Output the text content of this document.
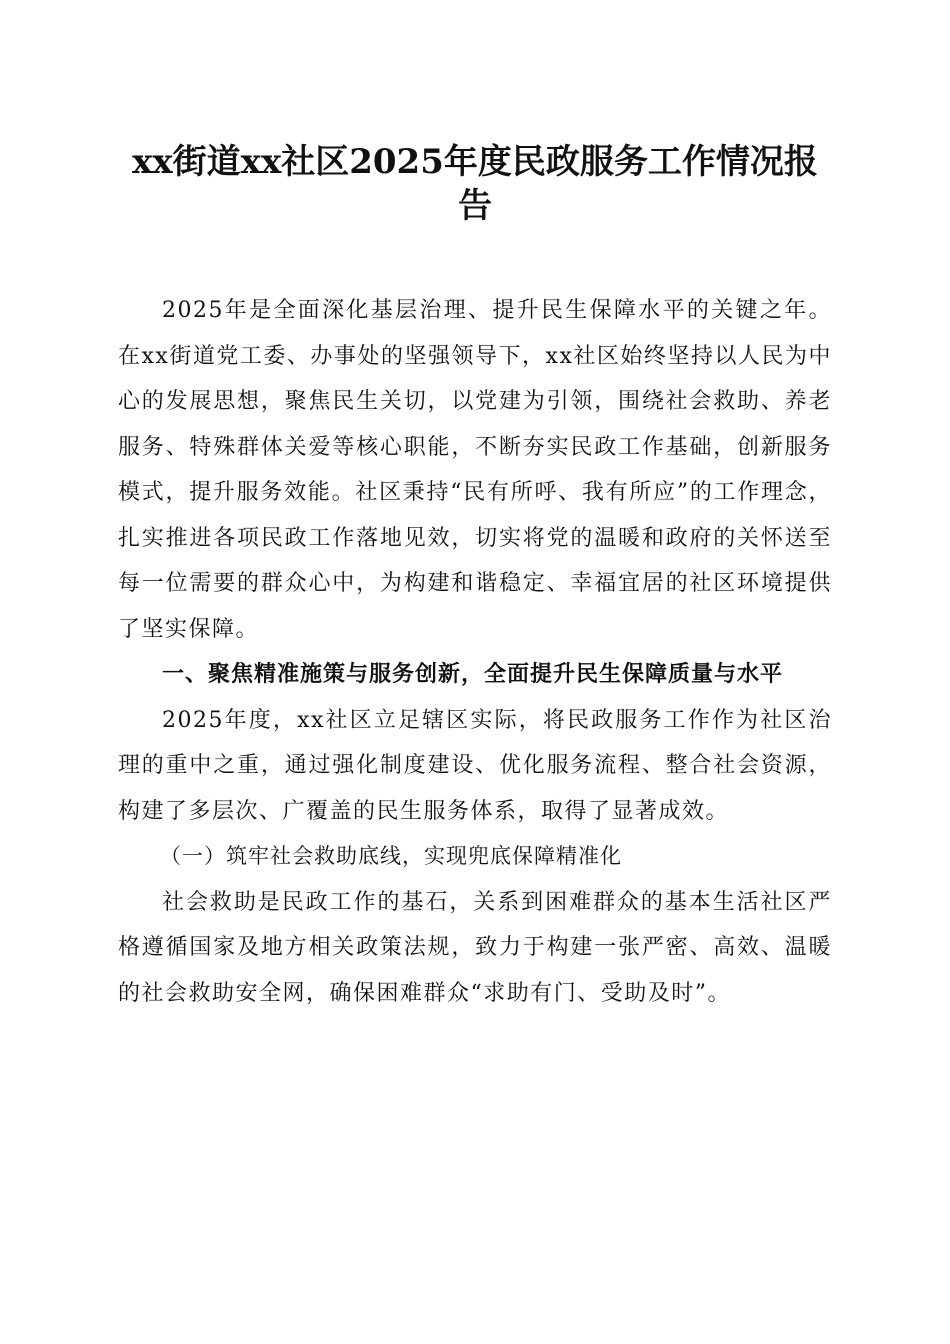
xx街道xx社区2025年度民政服务工作情况报告

2025年是全面深化基层治理、提升民生保障水平的关键之年。在xx街道党工委、办事处的坚强领导下，xx社区始终坚持以人民为中心的发展思想，聚焦民生关切，以党建为引领，围绕社会救助、养老服务、特殊群体关爱等核心职能，不断夯实民政工作基础，创新服务模式，提升服务效能。社区秉持“民有所呼、我有所应”的工作理念，扎实推进各项民政工作落地见效，切实将党的温暖和政府的关怀送至每一位需要的群众心中，为构建和谐稳定、幸福宜居的社区环境提供了坚实保障。

一、聚焦精准施策与服务创新，全面提升民生保障质量与水平

2025年度，xx社区立足辖区实际，将民政服务工作作为社区治理的重中之重，通过强化制度建设、优化服务流程、整合社会资源，构建了多层次、广覆盖的民生服务体系，取得了显著成效。

（一）筑牢社会救助底线，实现兜底保障精准化

社会救助是民政工作的基石，关系到困难群众的基本生活社区严格遵循国家及地方相关政策法规，致力于构建一张严密、高效、温暖的社会救助安全网，确保困难群众“求助有门、受助及时”。
